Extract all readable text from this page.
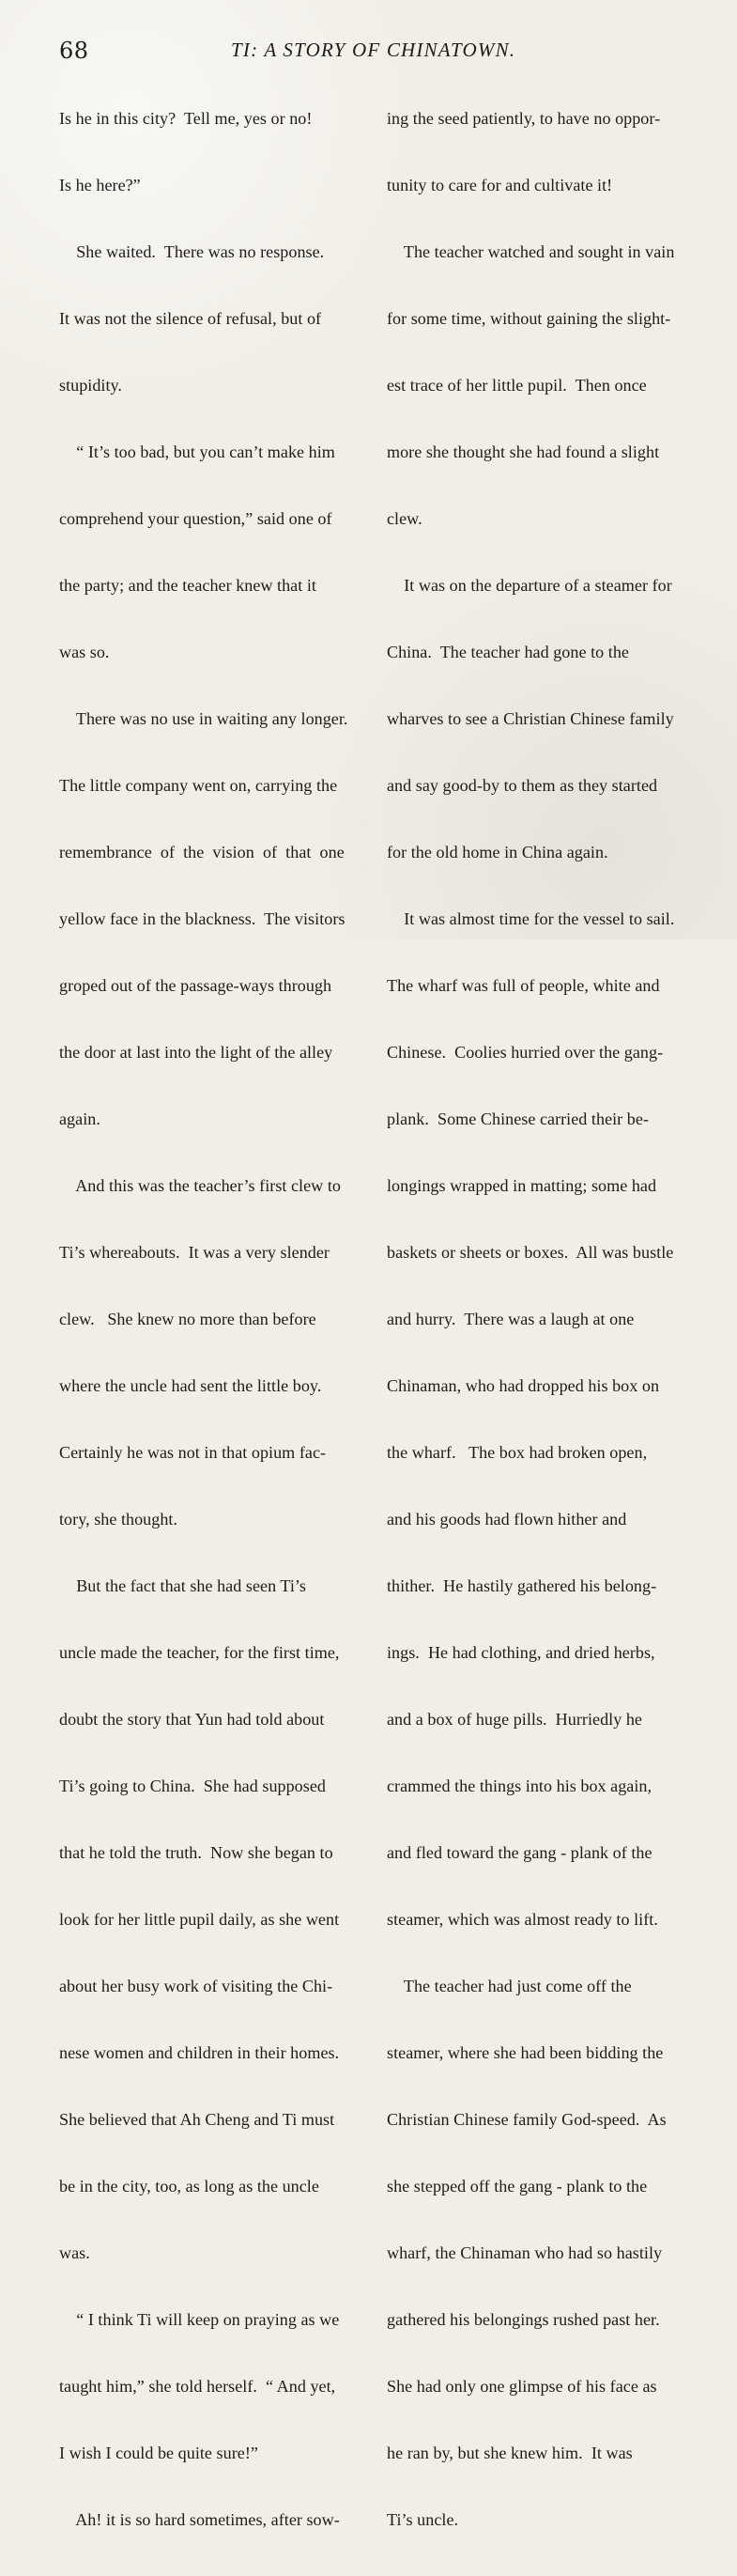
68	TI: A STORY OF CHINATOWN.

Is he in this city?  Tell me, yes or no!

Is he here?”

She waited.  There was no response.

It was not the silence of refusal, but of

stupidity.

“ It’s too bad, but you can’t make him

comprehend your question,” said one of

the party; and the teacher knew that it

was so.

There was no use in waiting any longer.

The little company went on, carrying the

remembrance  of  the  vision  of  that  one

yellow face in the blackness.  The visitors

groped out of the passage-ways through

the door at last into the light of the alley

again.

And this was the teacher’s first clew to

Ti’s whereabouts.  It was a very slender

clew.   She knew no more than before

where the uncle had sent the little boy.

Certainly he was not in that opium fac-

tory, she thought.

But the fact that she had seen Ti’s

uncle made the teacher, for the first time,

doubt the story that Yun had told about

Ti’s going to China.  She had supposed

that he told the truth.  Now she began to

look for her little pupil daily, as she went

about her busy work of visiting the Chi-

nese women and children in their homes.

She believed that Ah Cheng and Ti must

be in the city, too, as long as the uncle

was.

“ I think Ti will keep on praying as we

taught him,” she told herself.  “ And yet,

I wish I could be quite sure!”

Ah! it is so hard sometimes, after sow-

ing the seed patiently, to have no oppor-

tunity to care for and cultivate it!

The teacher watched and sought in vain

for some time, without gaining the slight-

est trace of her little pupil.  Then once

more she thought she had found a slight

clew.

It was on the departure of a steamer for

China.  The teacher had gone to the

wharves to see a Christian Chinese family

and say good-by to them as they started

for the old home in China again.

It was almost time for the vessel to sail.

The wharf was full of people, white and

Chinese.  Coolies hurried over the gang-

plank.  Some Chinese carried their be-

longings wrapped in matting; some had

baskets or sheets or boxes.  All was bustle

and hurry.  There was a laugh at one

Chinaman, who had dropped his box on

the wharf.   The box had broken open,

and his goods had flown hither and

thither.  He hastily gathered his belong-

ings.  He had clothing, and dried herbs,

and a box of huge pills.  Hurriedly he

crammed the things into his box again,

and fled toward the gang - plank of the

steamer, which was almost ready to lift.

The teacher had just come off the

steamer, where she had been bidding the

Christian Chinese family God-speed.  As

she stepped off the gang - plank to the

wharf, the Chinaman who had so hastily

gathered his belongings rushed past her.

She had only one glimpse of his face as

he ran by, but she knew him.  It was

Ti’s uncle.
